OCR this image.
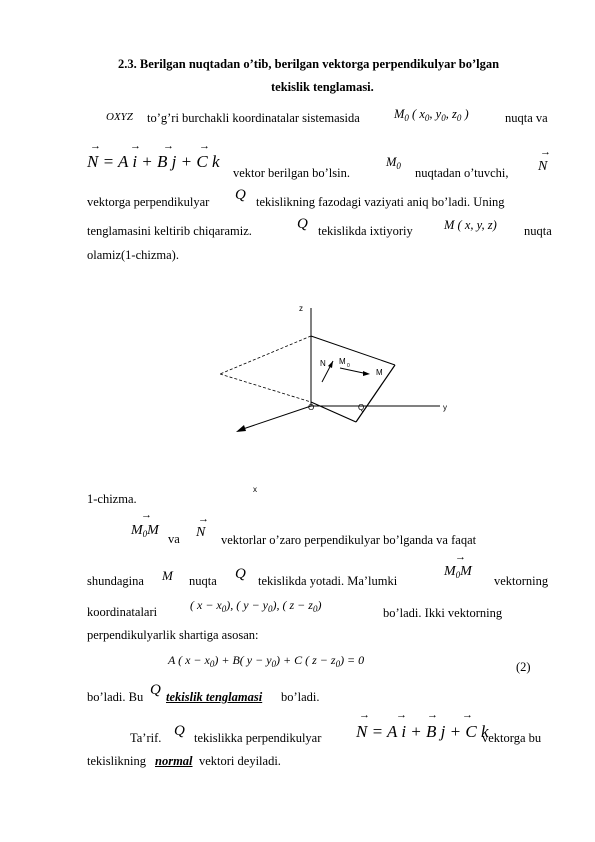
2.3. Berilgan nuqtadan o’tib, berilgan vektorga perpendikulyar bo’lgan
tekislik tenglamasi.
OXYZ to’g’ri burchakli koordinatalar sistemasida	$M_0$ ( $x_0$, $y_0$, $z_0$ )	nuqta va
N = A i + B j + C k
→	→ → →
vektor berilgan bo’lsin.
$M_0$ nuqtadan o’tuvchi, N
→
vektorga perpendikulyar Q tekislikning fazodagi vaziyati aniq bo’ladi. Uning
tenglamasini keltirib chiqaramiz.	Q tekislikda ixtiyoriy M ( x, y, z) nuqta
olamiz(1-chizma).
z
y
x
O	Q
N M 0
M
1-chizma.
$M_0M$
→
va N
→
vektorlar o’zaro perpendikulyar bo’lganda va faqat
shundagina M nuqta Q tekislikda yotadi. Ma’lumki
$M_0M$
→
vektorning
koordinatalari	( $x - x_0$), ( $y - y_0$), ( $z - z_0$)
bo’ladi. Ikki vektorning
perpendikulyarlik shartiga asosan:
A ( $x - x_0) + B$( $y - y_0) + C$ ( $z - z_0) = 0$	(2)
bo’ladi. Bu Q tekislik tenglamasi bo’ladi.
Ta’rif. Q tekislikka perpendikulyar N = A i + B j + C k
→ → → →
vektorga bu
tekislikning normal vektori deyiladi.
